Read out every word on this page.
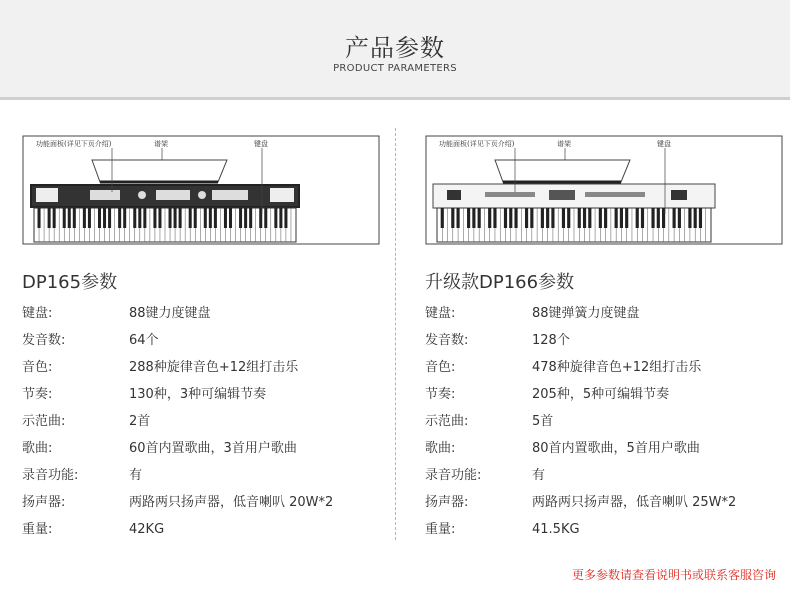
产品参数
PRODUCT PARAMETERS
功能面板(详见下页介绍)	谱架	键盘
DP165参数
键盘:	88键力度键盘
发音数:	64个
音色:	288种旋律音色+12组打击乐
节奏:	130种，3种可编辑节奏
示范曲:	2首
歌曲:	60首内置歌曲，3首用户歌曲
录音功能:	有
扬声器:	两路两只扬声器，低音喇叭 20W*2
重量:	42KG
功能面板(详见下页介绍)	谱架	键盘
升级款DP166参数
键盘:	88键弹簧力度键盘
发音数:	128个
音色:	478种旋律音色+12组打击乐
节奏:	205种，5种可编辑节奏
示范曲:	5首
歌曲:	80首内置歌曲，5首用户歌曲
录音功能:	有
扬声器:	两路两只扬声器，低音喇叭 25W*2
重量:	41.5KG
更多参数请查看说明书或联系客服咨询
